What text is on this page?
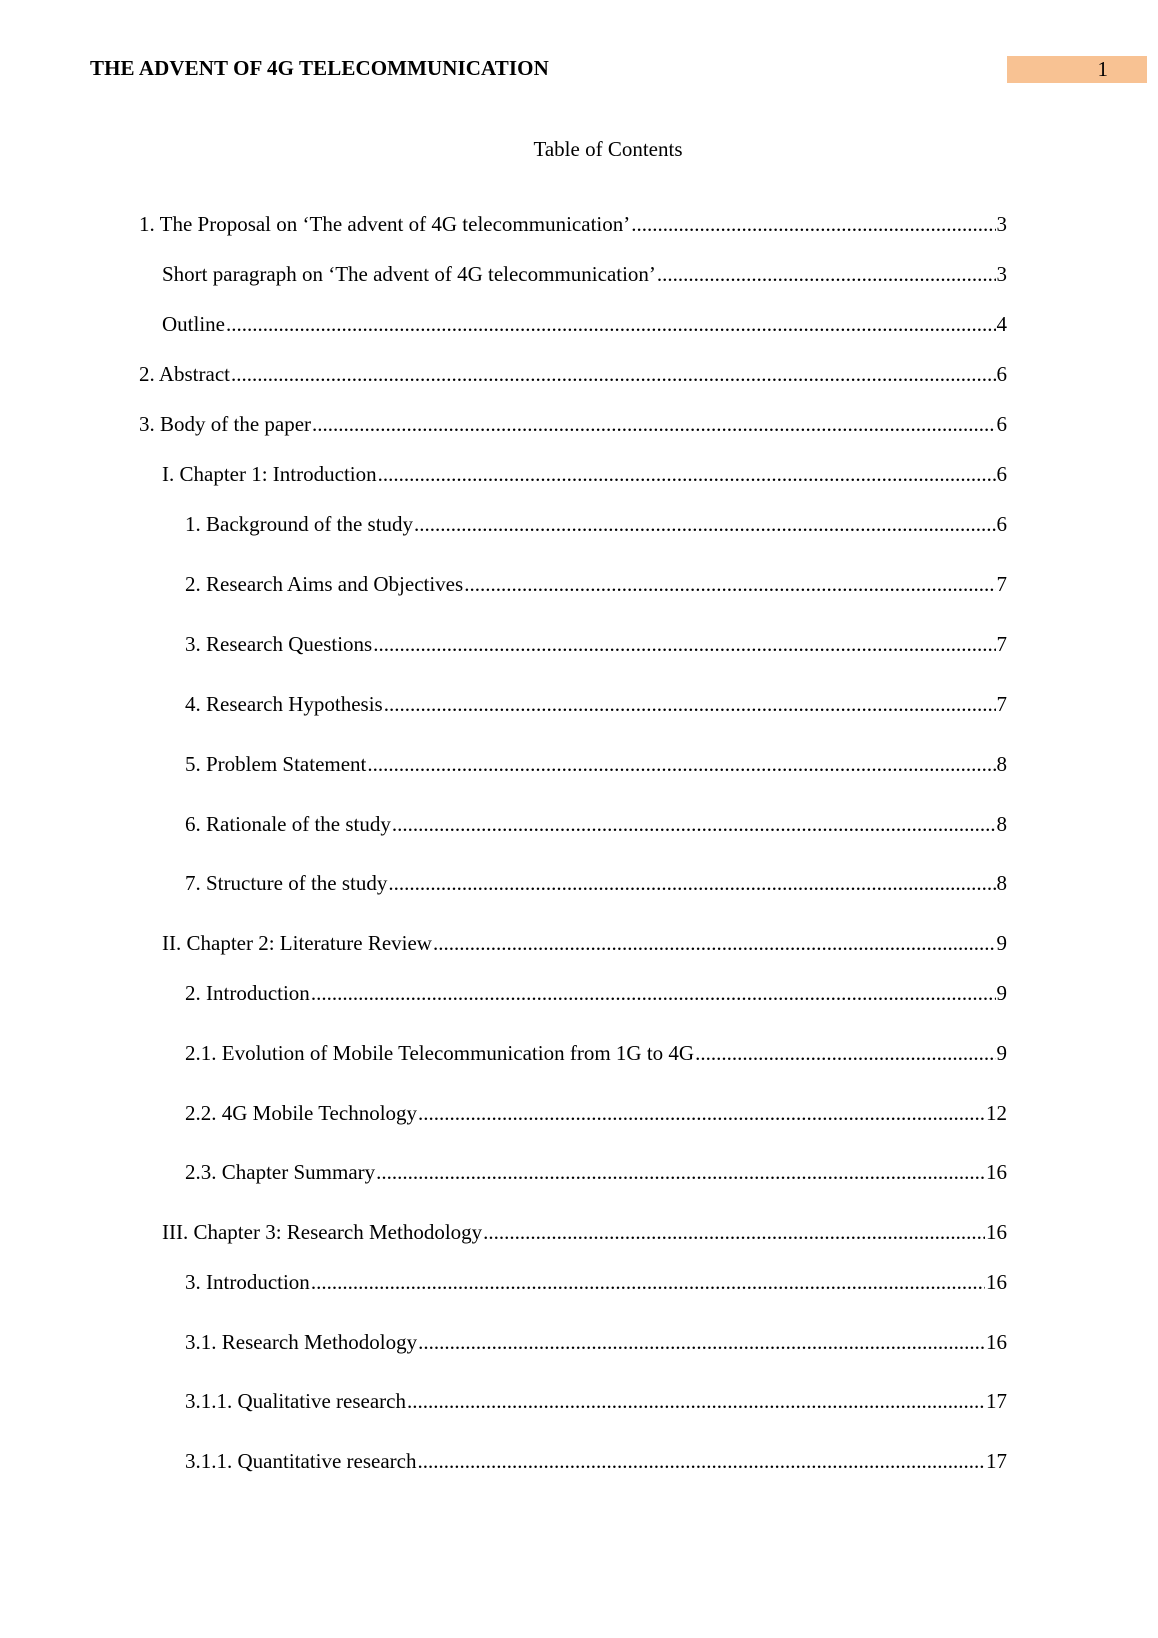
THE ADVENT OF 4G TELECOMMUNICATION	1
Table of Contents
1. The Proposal on ‘The advent of 4G telecommunication’ .....	3
Short paragraph on ‘The advent of 4G telecommunication’ .....	3
Outline .....	4
2. Abstract .....	6
3. Body of the paper .....	6
I. Chapter 1: Introduction .....	6
1. Background of the study .....	6
2. Research Aims and Objectives .....	7
3. Research Questions .....	7
4. Research Hypothesis .....	7
5. Problem Statement .....	8
6. Rationale of the study .....	8
7. Structure of the study .....	8
II. Chapter 2: Literature Review .....	9
2. Introduction .....	9
2.1. Evolution of Mobile Telecommunication from 1G to 4G .....	9
2.2. 4G Mobile Technology .....	12
2.3. Chapter Summary .....	16
III. Chapter 3: Research Methodology .....	16
3. Introduction .....	16
3.1. Research Methodology .....	16
3.1.1. Qualitative research .....	17
3.1.1. Quantitative research .....	17
